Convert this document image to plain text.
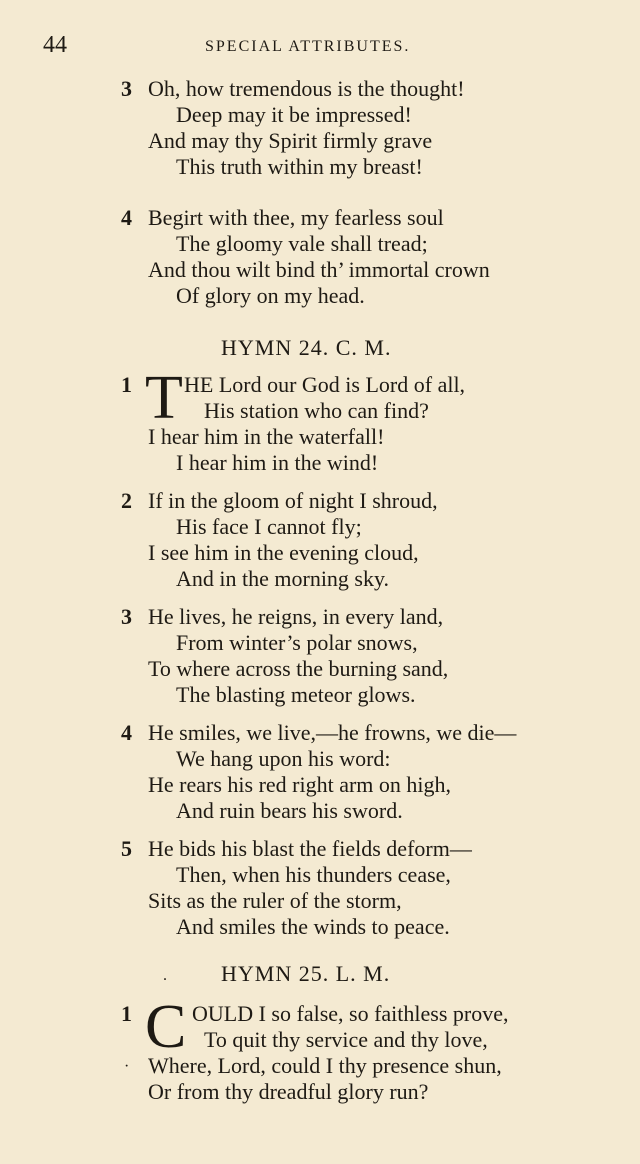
44	SPECIAL ATTRIBUTES.
3 Oh, how tremendous is the thought!
Deep may it be impressed!
And may thy Spirit firmly grave
This truth within my breast!
4 Begirt with thee, my fearless soul
The gloomy vale shall tread;
And thou wilt bind th’ immortal crown
Of glory on my head.
HYMN 24. C. M.
1 T HE Lord our God is Lord of all,
His station who can find?
I hear him in the waterfall!
I hear him in the wind!
2 If in the gloom of night I shroud,
His face I cannot fly;
I see him in the evening cloud,
And in the morning sky.
3 He lives, he reigns, in every land,
From winter’s polar snows,
To where across the burning sand,
The blasting meteor glows.
4 He smiles, we live,—he frowns, we die—
We hang upon his word:
He rears his red right arm on high,
And ruin bears his sword.
5 He bids his blast the fields deform—
Then, when his thunders cease,
Sits as the ruler of the storm,
And smiles the winds to peace.
. HYMN 25. L. M.
1 C OULD I so false, so faithless prove,
To quit thy service and thy love,
· Where, Lord, could I thy presence shun,
Or from thy dreadful glory run?
